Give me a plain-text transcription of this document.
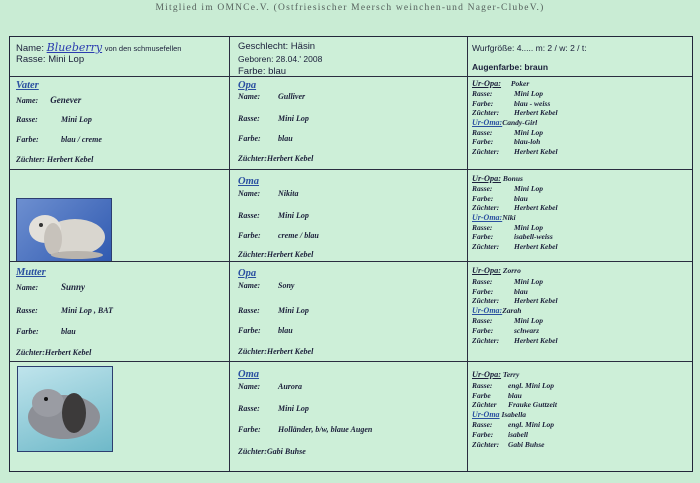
Mitglied im OMNCe.V. (Ostfriesischer Meersch weinchen-und Nager-ClubeV.)
Name: Blueberry von den schmusefellen
Rasse: Mini Lop
Geschlecht: Häsin
Geboren: 28.04.' 2008
Farbe: blau
Wurfgröße: 4..... m: 2 / w: 2 / t:
Augenfarbe: braun
Vater
Name: Genever
Rasse:	Mini Lop
Farbe:	blau / creme
Züchter: Herbert Kebel
Opa
Name: Gulliver
Rasse: Mini Lop
Farbe: blau
Züchter:Herbert Kebel
Ur-Opa: Poker
Rasse:	Mini Lop
Farbe:	blau - weiss
Züchter: Herbert Kebel
Ur-Oma:Candy-Girl
Rasse:	Mini Lop
Farbe:	blau-loh
Züchter: Herbert Kebel
Oma
Name: Nikita
Rasse: Mini Lop
Farbe: creme / blau
Züchter:Herbert Kebel
Ur-Opa: Bonus
Rasse:	Mini Lop
Farbe:	blau
Züchter: Herbert Kebel
Ur-Oma:Niki
Rasse:	Mini Lop
Farbe:	isabell-weiss
Züchter: Herbert Kebel
Mutter
Name:	Sunny
Rasse:	Mini Lop , BAT
Farbe:	blau
Züchter:Herbert Kebel
Opa
Name: Sony
Rasse: Mini Lop
Farbe: blau
Züchter:Herbert Kebel
Ur-Opa: Zorro
Rasse:	Mini Lop
Farbe:	blau
Züchter: Herbert Kebel
Ur-Oma:Zarah
Rasse:	Mini Lop
Farbe:	schwarz
Züchter: Herbert Kebel
Oma
Name: Aurora
Rasse: Mini Lop
Farbe: Holländer, b/w, blaue Augen
Züchter:Gabi Buhse
Ur-Opa: Terry
Rasse: engl. Mini Lop
Farbe blau
Züchter Frauke Guttzeit
Ur-Oma Isabella
Rasse: engl. Mini Lop
Farbe: isabell
Züchter: Gabi Buhse
